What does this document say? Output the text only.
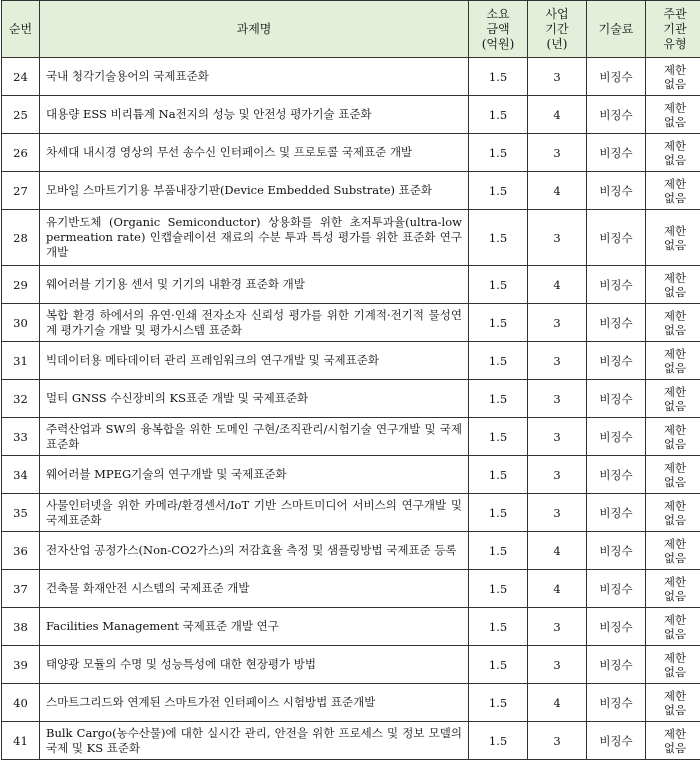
순번	과제명	소요
금액
(억원)	사업
기간
(년)	기술료	주관
기관
유형
24	국내 청각기술용어의 국제표준화	1.5	3	비징수	제한
없음
25	대용량 ESS 비리튬계 Na전지의 성능 및 안전성 평가기술 표준화	1.5	4	비징수	제한
없음
26	차세대 내시경 영상의 무선 송수신 인터페이스 및 프로토콜 국제표준 개발	1.5	3	비징수	제한
없음
27	모바일 스마트기기용 부품내장기판(Device Embedded Substrate) 표준화	1.5	4	비징수	제한
없음
28	유기반도체 (Organic Semiconductor) 상용화를 위한 초저투과율(ultra-low permeation rate) 인캡슐레이션 재료의 수분 투과 특성 평가를 위한 표준화 연구 개발	1.5	3	비징수	제한
없음
29	웨어러블 기기용 센서 및 기기의 내환경 표준화 개발	1.5	4	비징수	제한
없음
30	복합 환경 하에서의 유연·인쇄 전자소자 신뢰성 평가를 위한 기계적·전기적 물성연계 평가기술 개발 및 평가시스템 표준화	1.5	3	비징수	제한
없음
31	빅데이터용 메타데이터 관리 프레임워크의 연구개발 및 국제표준화	1.5	3	비징수	제한
없음
32	멀티 GNSS 수신장비의 KS표준 개발 및 국제표준화	1.5	3	비징수	제한
없음
33	주력산업과 SW의 융복합을 위한 도메인 구현/조직관리/시험기술 연구개발 및 국제표준화	1.5	3	비징수	제한
없음
34	웨어러블 MPEG기술의 연구개발 및 국제표준화	1.5	3	비징수	제한
없음
35	사물인터넷을 위한 카메라/환경센서/IoT 기반 스마트미디어 서비스의 연구개발 및 국제표준화	1.5	3	비징수	제한
없음
36	전자산업 공정가스(Non-CO2가스)의 저감효율 측정 및 샘플링방법 국제표준 등록	1.5	4	비징수	제한
없음
37	건축물 화재안전 시스템의 국제표준 개발	1.5	4	비징수	제한
없음
38	Facilities Management 국제표준 개발 연구	1.5	3	비징수	제한
없음
39	태양광 모듈의 수명 및 성능특성에 대한 현장평가 방법	1.5	3	비징수	제한
없음
40	스마트그리드와 연계된 스마트가전 인터페이스 시험방법 표준개발	1.5	4	비징수	제한
없음
41	Bulk Cargo(농수산물)에 대한 실시간 관리, 안전을 위한 프로세스 및 정보 모델의 국제 및 KS 표준화	1.5	3	비징수	제한
없음
